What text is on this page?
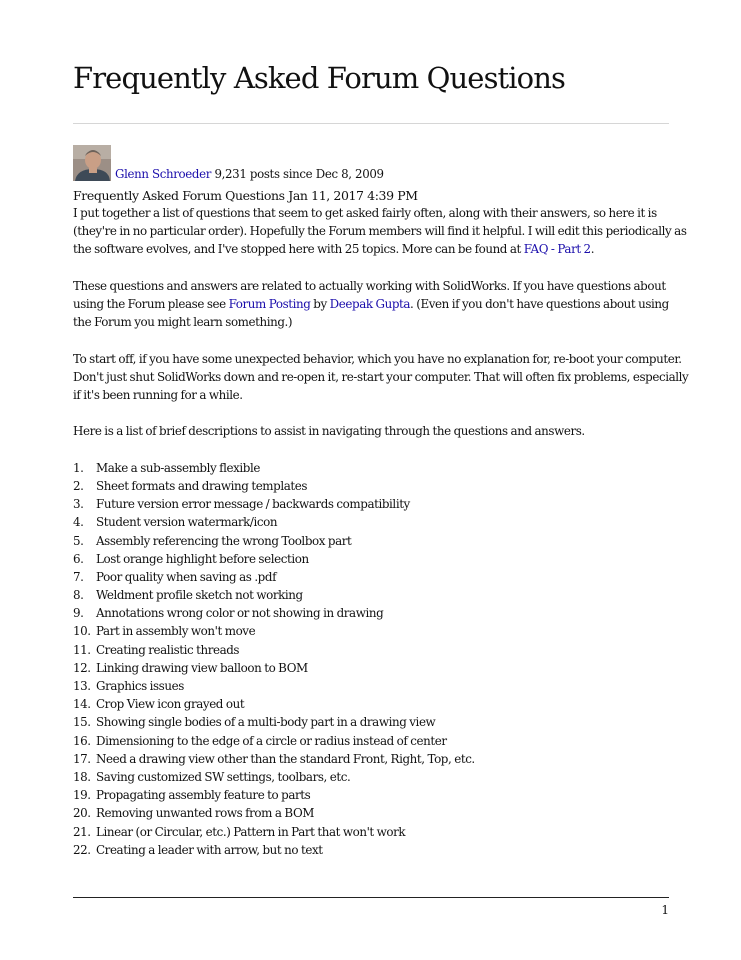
Frequently Asked Forum Questions
Glenn Schroeder 9,231 posts since Dec 8, 2009
Frequently Asked Forum Questions Jan 11, 2017 4:39 PM

I put together a list of questions that seem to get asked fairly often, along with their answers, so here it is
(they're in no particular order). Hopefully the Forum members will find it helpful. I will edit this periodically as
the software evolves, and I've stopped here with 25 topics. More can be found at FAQ - Part 2.

These questions and answers are related to actually working with SolidWorks. If you have questions about
using the Forum please see Forum Posting by Deepak Gupta. (Even if you don't have questions about using
the Forum you might learn something.)

To start off, if you have some unexpected behavior, which you have no explanation for, re-boot your computer.
Don't just shut SolidWorks down and re-open it, re-start your computer. That will often fix problems, especially
if it's been running for a while.

Here is a list of brief descriptions to assist in navigating through the questions and answers.

1.	Make a sub-assembly flexible
2.	Sheet formats and drawing templates
3.	Future version error message / backwards compatibility
4.	Student version watermark/icon
5.	Assembly referencing the wrong Toolbox part
6.	Lost orange highlight before selection
7.	Poor quality when saving as .pdf
8.	Weldment profile sketch not working
9.	Annotations wrong color or not showing in drawing
10. Part in assembly won't move
11. Creating realistic threads
12. Linking drawing view balloon to BOM
13. Graphics issues
14. Crop View icon grayed out
15. Showing single bodies of a multi-body part in a drawing view
16. Dimensioning to the edge of a circle or radius instead of center
17. Need a drawing view other than the standard Front, Right, Top, etc.
18. Saving customized SW settings, toolbars, etc.
19. Propagating assembly feature to parts
20. Removing unwanted rows from a BOM
21. Linear (or Circular, etc.) Pattern in Part that won't work
22. Creating a leader with arrow, but no text
1
